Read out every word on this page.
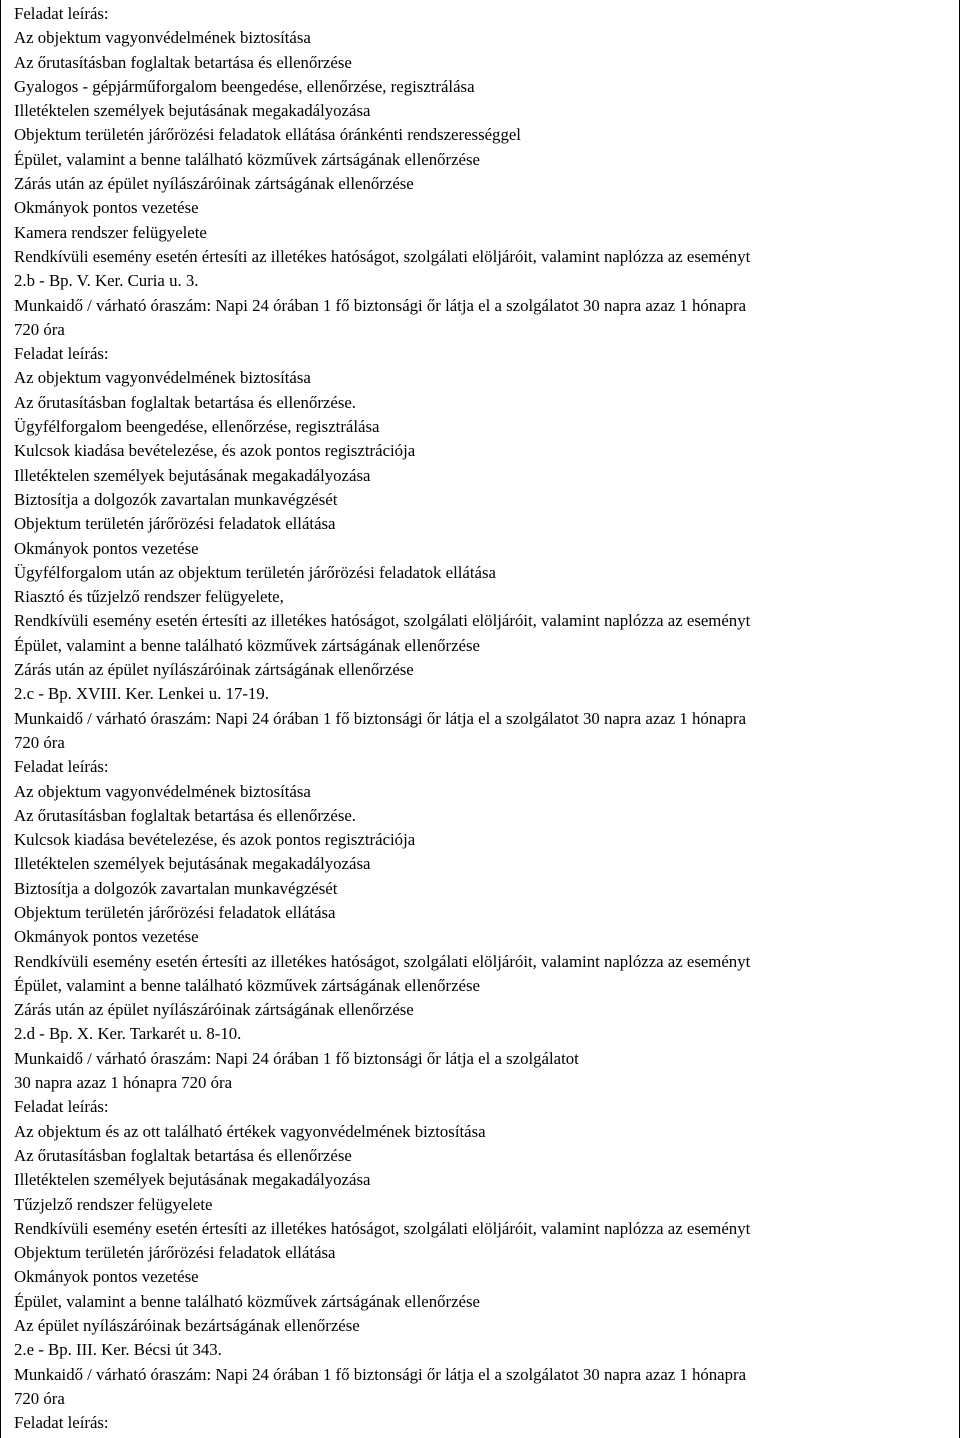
Feladat leírás:
Az objektum vagyonvédelmének biztosítása
Az őrutasításban foglaltak betartása és ellenőrzése
Gyalogos - gépjárműforgalom beengedése, ellenőrzése, regisztrálása
Illetéktelen személyek bejutásának megakadályozása
Objektum területén járőrözési feladatok ellátása óránkénti rendszerességgel
Épület, valamint a benne található közművek zártságának ellenőrzése
Zárás után az épület nyílászáróinak zártságának ellenőrzése
Okmányok pontos vezetése
Kamera rendszer felügyelete
Rendkívüli esemény esetén értesíti az illetékes hatóságot, szolgálati elöljáróit, valamint naplózza az eseményt
2.b - Bp. V. Ker. Curia u. 3.
Munkaidő / várható óraszám: Napi 24 órában 1 fő biztonsági őr látja el a szolgálatot 30 napra azaz 1 hónapra
720 óra
Feladat leírás:
Az objektum vagyonvédelmének biztosítása
Az őrutasításban foglaltak betartása és ellenőrzése.
Ügyfélforgalom beengedése, ellenőrzése, regisztrálása
Kulcsok kiadása bevételezése, és azok pontos regisztrációja
Illetéktelen személyek bejutásának megakadályozása
Biztosítja a dolgozók zavartalan munkavégzését
Objektum területén járőrözési feladatok ellátása
Okmányok pontos vezetése
Ügyfélforgalom után az objektum területén járőrözési feladatok ellátása
Riasztó és tűzjelző rendszer felügyelete,
Rendkívüli esemény esetén értesíti az illetékes hatóságot, szolgálati elöljáróit, valamint naplózza az eseményt
Épület, valamint a benne található közművek zártságának ellenőrzése
Zárás után az épület nyílászáróinak zártságának ellenőrzése
2.c - Bp. XVIII. Ker. Lenkei u. 17-19.
Munkaidő / várható óraszám: Napi 24 órában 1 fő biztonsági őr látja el a szolgálatot 30 napra azaz 1 hónapra
720 óra
Feladat leírás:
Az objektum vagyonvédelmének biztosítása
Az őrutasításban foglaltak betartása és ellenőrzése.
Kulcsok kiadása bevételezése, és azok pontos regisztrációja
Illetéktelen személyek bejutásának megakadályozása
Biztosítja a dolgozók zavartalan munkavégzését
Objektum területén járőrözési feladatok ellátása
Okmányok pontos vezetése
Rendkívüli esemény esetén értesíti az illetékes hatóságot, szolgálati elöljáróit, valamint naplózza az eseményt
Épület, valamint a benne található közművek zártságának ellenőrzése
Zárás után az épület nyílászáróinak zártságának ellenőrzése
2.d - Bp. X. Ker. Tarkarét u. 8-10.
Munkaidő / várható óraszám: Napi 24 órában 1 fő biztonsági őr látja el a szolgálatot
30 napra azaz 1 hónapra 720 óra
Feladat leírás:
Az objektum és az ott található értékek vagyonvédelmének biztosítása
Az őrutasításban foglaltak betartása és ellenőrzése
Illetéktelen személyek bejutásának megakadályozása
Tűzjelző rendszer felügyelete
Rendkívüli esemény esetén értesíti az illetékes hatóságot, szolgálati elöljáróit, valamint naplózza az eseményt
Objektum területén járőrözési feladatok ellátása
Okmányok pontos vezetése
Épület, valamint a benne található közművek zártságának ellenőrzése
Az épület nyílászáróinak bezártságának ellenőrzése
2.e - Bp. III. Ker. Bécsi út 343.
Munkaidő / várható óraszám: Napi 24 órában 1 fő biztonsági őr látja el a szolgálatot 30 napra azaz 1 hónapra
720 óra
Feladat leírás:
